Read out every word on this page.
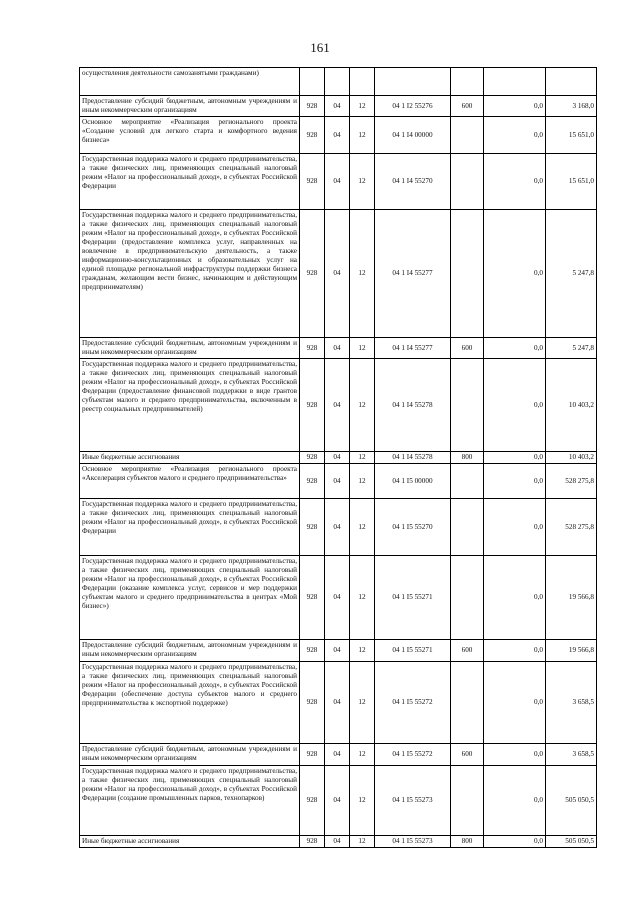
161
осуществления деятельности самозанятыми гражданами)							
Предоставление субсидий бюджетным, автономным учреждениям и иным некоммерческим организациям	928	04	12	04 1 I2 55276	600	0,0	3 168,0
Основное мероприятие «Реализация регионального проекта «Создание условий для легкого старта и комфортного ведения бизнеса»	928	04	12	04 1 I4 00000		0,0	15 651,0
Государственная поддержка малого и среднего предпринимательства, а также физических лиц, применяющих специальный налоговый режим «Налог на профессиональный доход», в субъектах Российской Федерации	928	04	12	04 1 I4 55270		0,0	15 651,0
Государственная поддержка малого и среднего предпринимательства, а также физических лиц, применяющих специальный налоговый режим «Налог на профессиональный доход», в субъектах Российской Федерации (предоставление комплекса услуг, направленных на вовлечение в предпринимательскую деятельность, а также информационно-консультационных и образовательных услуг на единой площадке региональной инфраструктуры поддержки бизнеса гражданам, желающим вести бизнес, начинающим и действующим предпринимателям)	928	04	12	04 1 I4 55277		0,0	5 247,8
Предоставление субсидий бюджетным, автономным учреждениям и иным некоммерческим организациям	928	04	12	04 1 I4 55277	600	0,0	5 247,8
Государственная поддержка малого и среднего предпринимательства, а также физических лиц, применяющих специальный налоговый режим «Налог на профессиональный доход», в субъектах Российской Федерации (предоставление финансовой поддержки в виде грантов субъектам малого и среднего предпринимательства, включенным в реестр социальных предпринимателей)	928	04	12	04 1 I4 55278		0,0	10 403,2
Иные бюджетные ассигнования	928	04	12	04 1 I4 55278	800	0,0	10 403,2
Основное мероприятие «Реализация регионального проекта «Акселерация субъектов малого и среднего предпринимательства»	928	04	12	04 1 I5 00000		0,0	528 275,8
Государственная поддержка малого и среднего предпринимательства, а также физических лиц, применяющих специальный налоговый режим «Налог на профессиональный доход», в субъектах Российской Федерации	928	04	12	04 1 I5 55270		0,0	528 275,8
Государственная поддержка малого и среднего предпринимательства, а также физических лиц, применяющих специальный налоговый режим «Налог на профессиональный доход», в субъектах Российской Федерации (оказание комплекса услуг, сервисов и мер поддержки субъектам малого и среднего предпринимательства в центрах «Мой бизнес»)	928	04	12	04 1 I5 55271		0,0	19 566,8
Предоставление субсидий бюджетным, автономным учреждениям и иным некоммерческим организациям	928	04	12	04 1 I5 55271	600	0,0	19 566,8
Государственная поддержка малого и среднего предпринимательства, а также физических лиц, применяющих специальный налоговый режим «Налог на профессиональный доход», в субъектах Российской Федерации (обеспечение доступа субъектов малого и среднего предпринимательства к экспортной поддержке)	928	04	12	04 1 I5 55272		0,0	3 658,5
Предоставление субсидий бюджетным, автономным учреждениям и иным некоммерческим организациям	928	04	12	04 1 I5 55272	600	0,0	3 658,5
Государственная поддержка малого и среднего предпринимательства, а также физических лиц, применяющих специальный налоговый режим «Налог на профессиональный доход», в субъектах Российской Федерации (создание промышленных парков, технопарков)	928	04	12	04 1 I5 55273		0,0	505 050,5
Иные бюджетные ассигнования	928	04	12	04 1 I5 55273	800	0,0	505 050,5
